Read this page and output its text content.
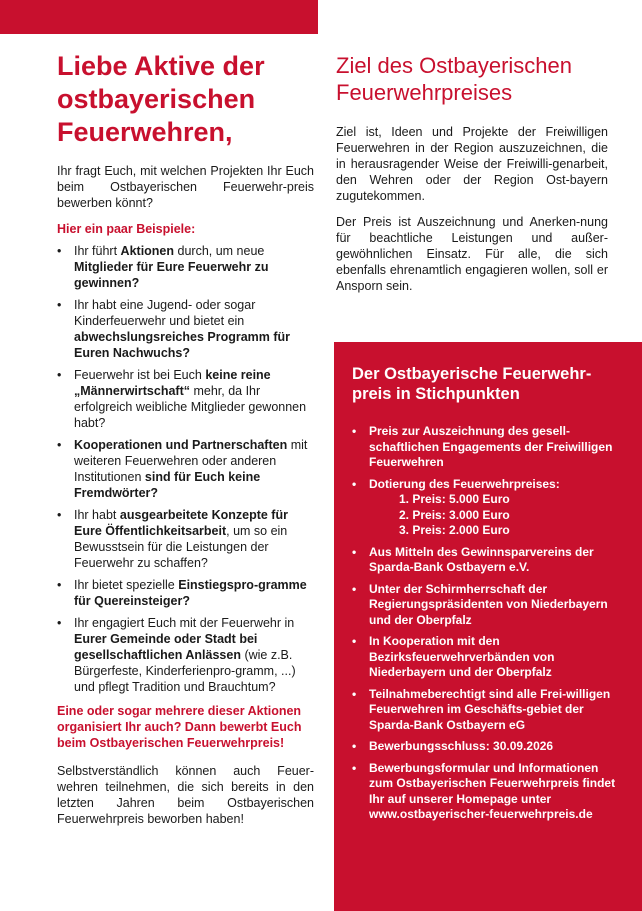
Liebe Aktive der ostbayerischen Feuerwehren,

Ihr fragt Euch, mit welchen Projekten Ihr Euch beim Ostbayerischen Feuerwehr-preis bewerben könnt?

Hier ein paar Beispiele:
• Ihr führt Aktionen durch, um neue Mitglieder für Eure Feuerwehr zu gewinnen?
• Ihr habt eine Jugend- oder sogar Kinderfeuerwehr und bietet ein abwechslungsreiches Programm für Euren Nachwuchs?
• Feuerwehr ist bei Euch keine reine „Männerwirtschaft“ mehr, da Ihr erfolgreich weibliche Mitglieder gewonnen habt?
• Kooperationen und Partnerschaften mit weiteren Feuerwehren oder anderen Institutionen sind für Euch keine Fremdwörter?
• Ihr habt ausgearbeitete Konzepte für Eure Öffentlichkeitsarbeit, um so ein Bewusstsein für die Leistungen der Feuerwehr zu schaffen?
• Ihr bietet spezielle Einstiegspro-gramme für Quereinsteiger?
• Ihr engagiert Euch mit der Feuerwehr in Eurer Gemeinde oder Stadt bei gesellschaftlichen Anlässen (wie z.B. Bürgerfeste, Kinderferienpro-gramm, ...) und pflegt Tradition und Brauchtum?

Eine oder sogar mehrere dieser Aktionen organisiert Ihr auch? Dann bewerbt Euch beim Ostbayerischen Feuerwehrpreis!

Selbstverständlich können auch Feuer-wehren teilnehmen, die sich bereits in den letzten Jahren beim Ostbayerischen Feuerwehrpreis beworben haben!

Ziel des Ostbayerischen Feuerwehrpreises

Ziel ist, Ideen und Projekte der Freiwilligen Feuerwehren in der Region auszuzeichnen, die in herausragender Weise der Freiwilli-genarbeit, den Wehren oder der Region Ost-bayern zugutekommen.

Der Preis ist Auszeichnung und Anerken-nung für beachtliche Leistungen und außer-gewöhnlichen Einsatz. Für alle, die sich ebenfalls ehrenamtlich engagieren wollen, soll er Ansporn sein.

Der Ostbayerische Feuerwehr-preis in Stichpunkten
• Preis zur Auszeichnung des gesell-schaftlichen Engagements der Freiwilligen Feuerwehren
• Dotierung des Feuerwehrpreises:
1. Preis: 5.000 Euro
2. Preis: 3.000 Euro
3. Preis: 2.000 Euro
• Aus Mitteln des Gewinnsparvereins der Sparda-Bank Ostbayern e.V.
• Unter der Schirmherrschaft der Regierungspräsidenten von Niederbayern und der Oberpfalz
• In Kooperation mit den Bezirksfeuerwehrverbänden von Niederbayern und der Oberpfalz
• Teilnahmeberechtigt sind alle Frei-willigen Feuerwehren im Geschäfts-gebiet der Sparda-Bank Ostbayern eG
• Bewerbungsschluss: 30.09.2026
• Bewerbungsformular und Informationen zum Ostbayerischen Feuerwehrpreis findet Ihr auf unserer Homepage unter www.ostbayerischer-feuerwehrpreis.de
